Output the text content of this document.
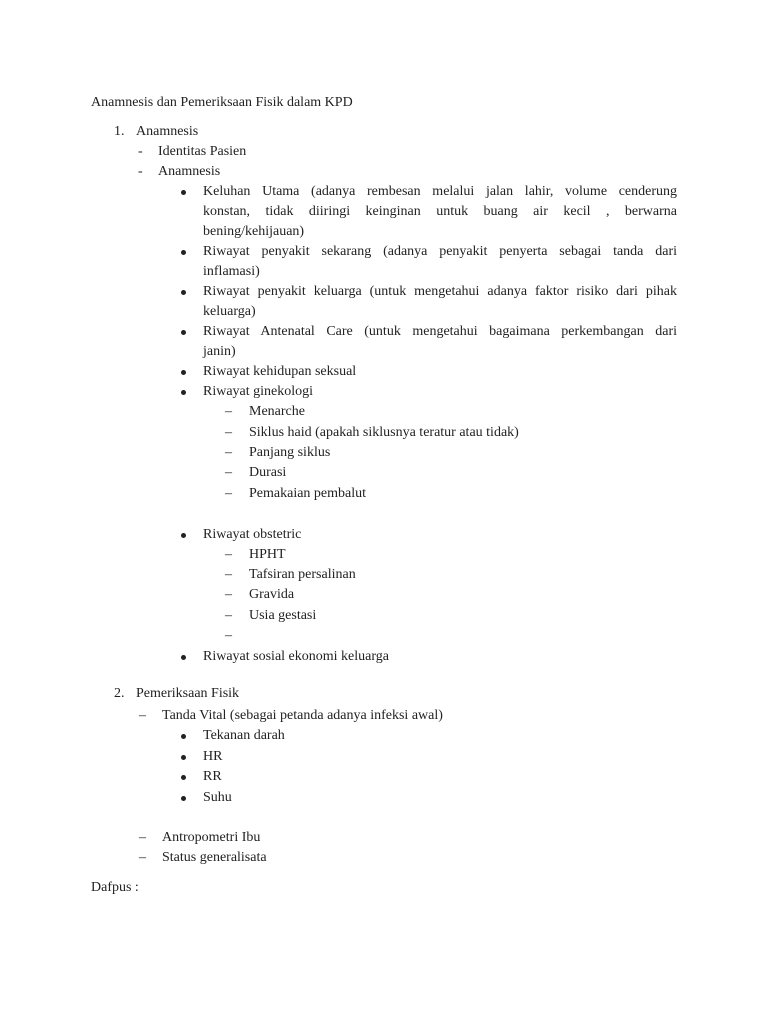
Anamnesis dan Pemeriksaan Fisik dalam KPD
1. Anamnesis
- Identitas Pasien
- Anamnesis
Keluhan Utama (adanya rembesan melalui jalan lahir, volume cenderung
konstan, tidak diiringi keinginan untuk buang air kecil , berwarna
bening/kehijauan)
Riwayat penyakit sekarang (adanya penyakit penyerta sebagai tanda dari
inflamasi)
Riwayat penyakit keluarga (untuk mengetahui adanya faktor risiko dari pihak
keluarga)
Riwayat Antenatal Care (untuk mengetahui bagaimana perkembangan dari
janin)
Riwayat kehidupan seksual
Riwayat ginekologi
– Menarche
– Siklus haid (apakah siklusnya teratur atau tidak)
– Panjang siklus
– Durasi
– Pemakaian pembalut
Riwayat obstetric
– HPHT
– Tafsiran persalinan
– Gravida
– Usia gestasi
–
Riwayat sosial ekonomi keluarga
2. Pemeriksaan Fisik
– Tanda Vital (sebagai petanda adanya infeksi awal)
Tekanan darah
HR
RR
Suhu
– Antropometri Ibu
– Status generalisata
Dafpus :
